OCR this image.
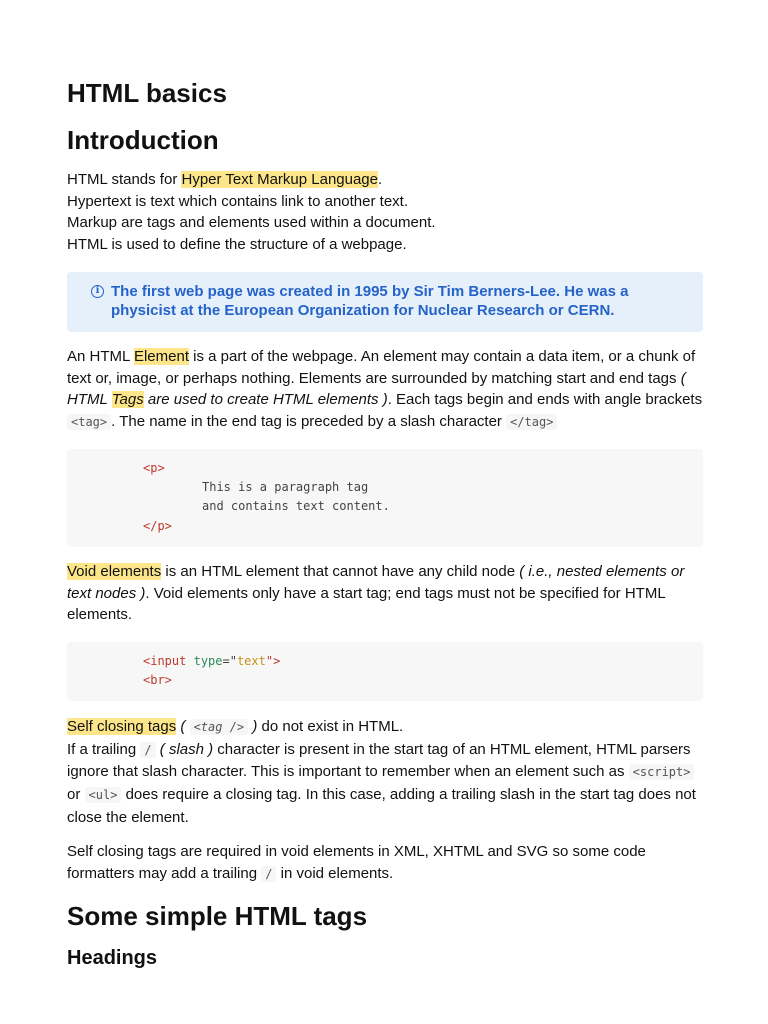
HTML basics
Introduction
HTML stands for Hyper Text Markup Language.
Hypertext is text which contains link to another text.
Markup are tags and elements used within a document.
HTML is used to define the structure of a webpage.
i The first web page was created in 1995 by Sir Tim Berners-Lee. He was a physicist at the European Organization for Nuclear Research or CERN.
An HTML Element is a part of the webpage. An element may contain a data item, or a chunk of text or, image, or perhaps nothing. Elements are surrounded by matching start and end tags ( HTML Tags are used to create HTML elements ). Each tags begin and ends with angle brackets <tag> . The name in the end tag is preceded by a slash character </tag>
<p>
This is a paragraph tag
and contains text content.
</p>
Void elements is an HTML element that cannot have any child node ( i.e., nested elements or text nodes ). Void elements only have a start tag; end tags must not be specified for HTML elements.
<input type="text">
<br>
Self closing tags ( <tag /> ) do not exist in HTML.
If a trailing / ( slash ) character is present in the start tag of an HTML element, HTML parsers ignore that slash character. This is important to remember when an element such as <script> or <ul> does require a closing tag. In this case, adding a trailing slash in the start tag does not close the element.
Self closing tags are required in void elements in XML, XHTML and SVG so some code formatters may add a trailing / in void elements.
Some simple HTML tags
Headings
